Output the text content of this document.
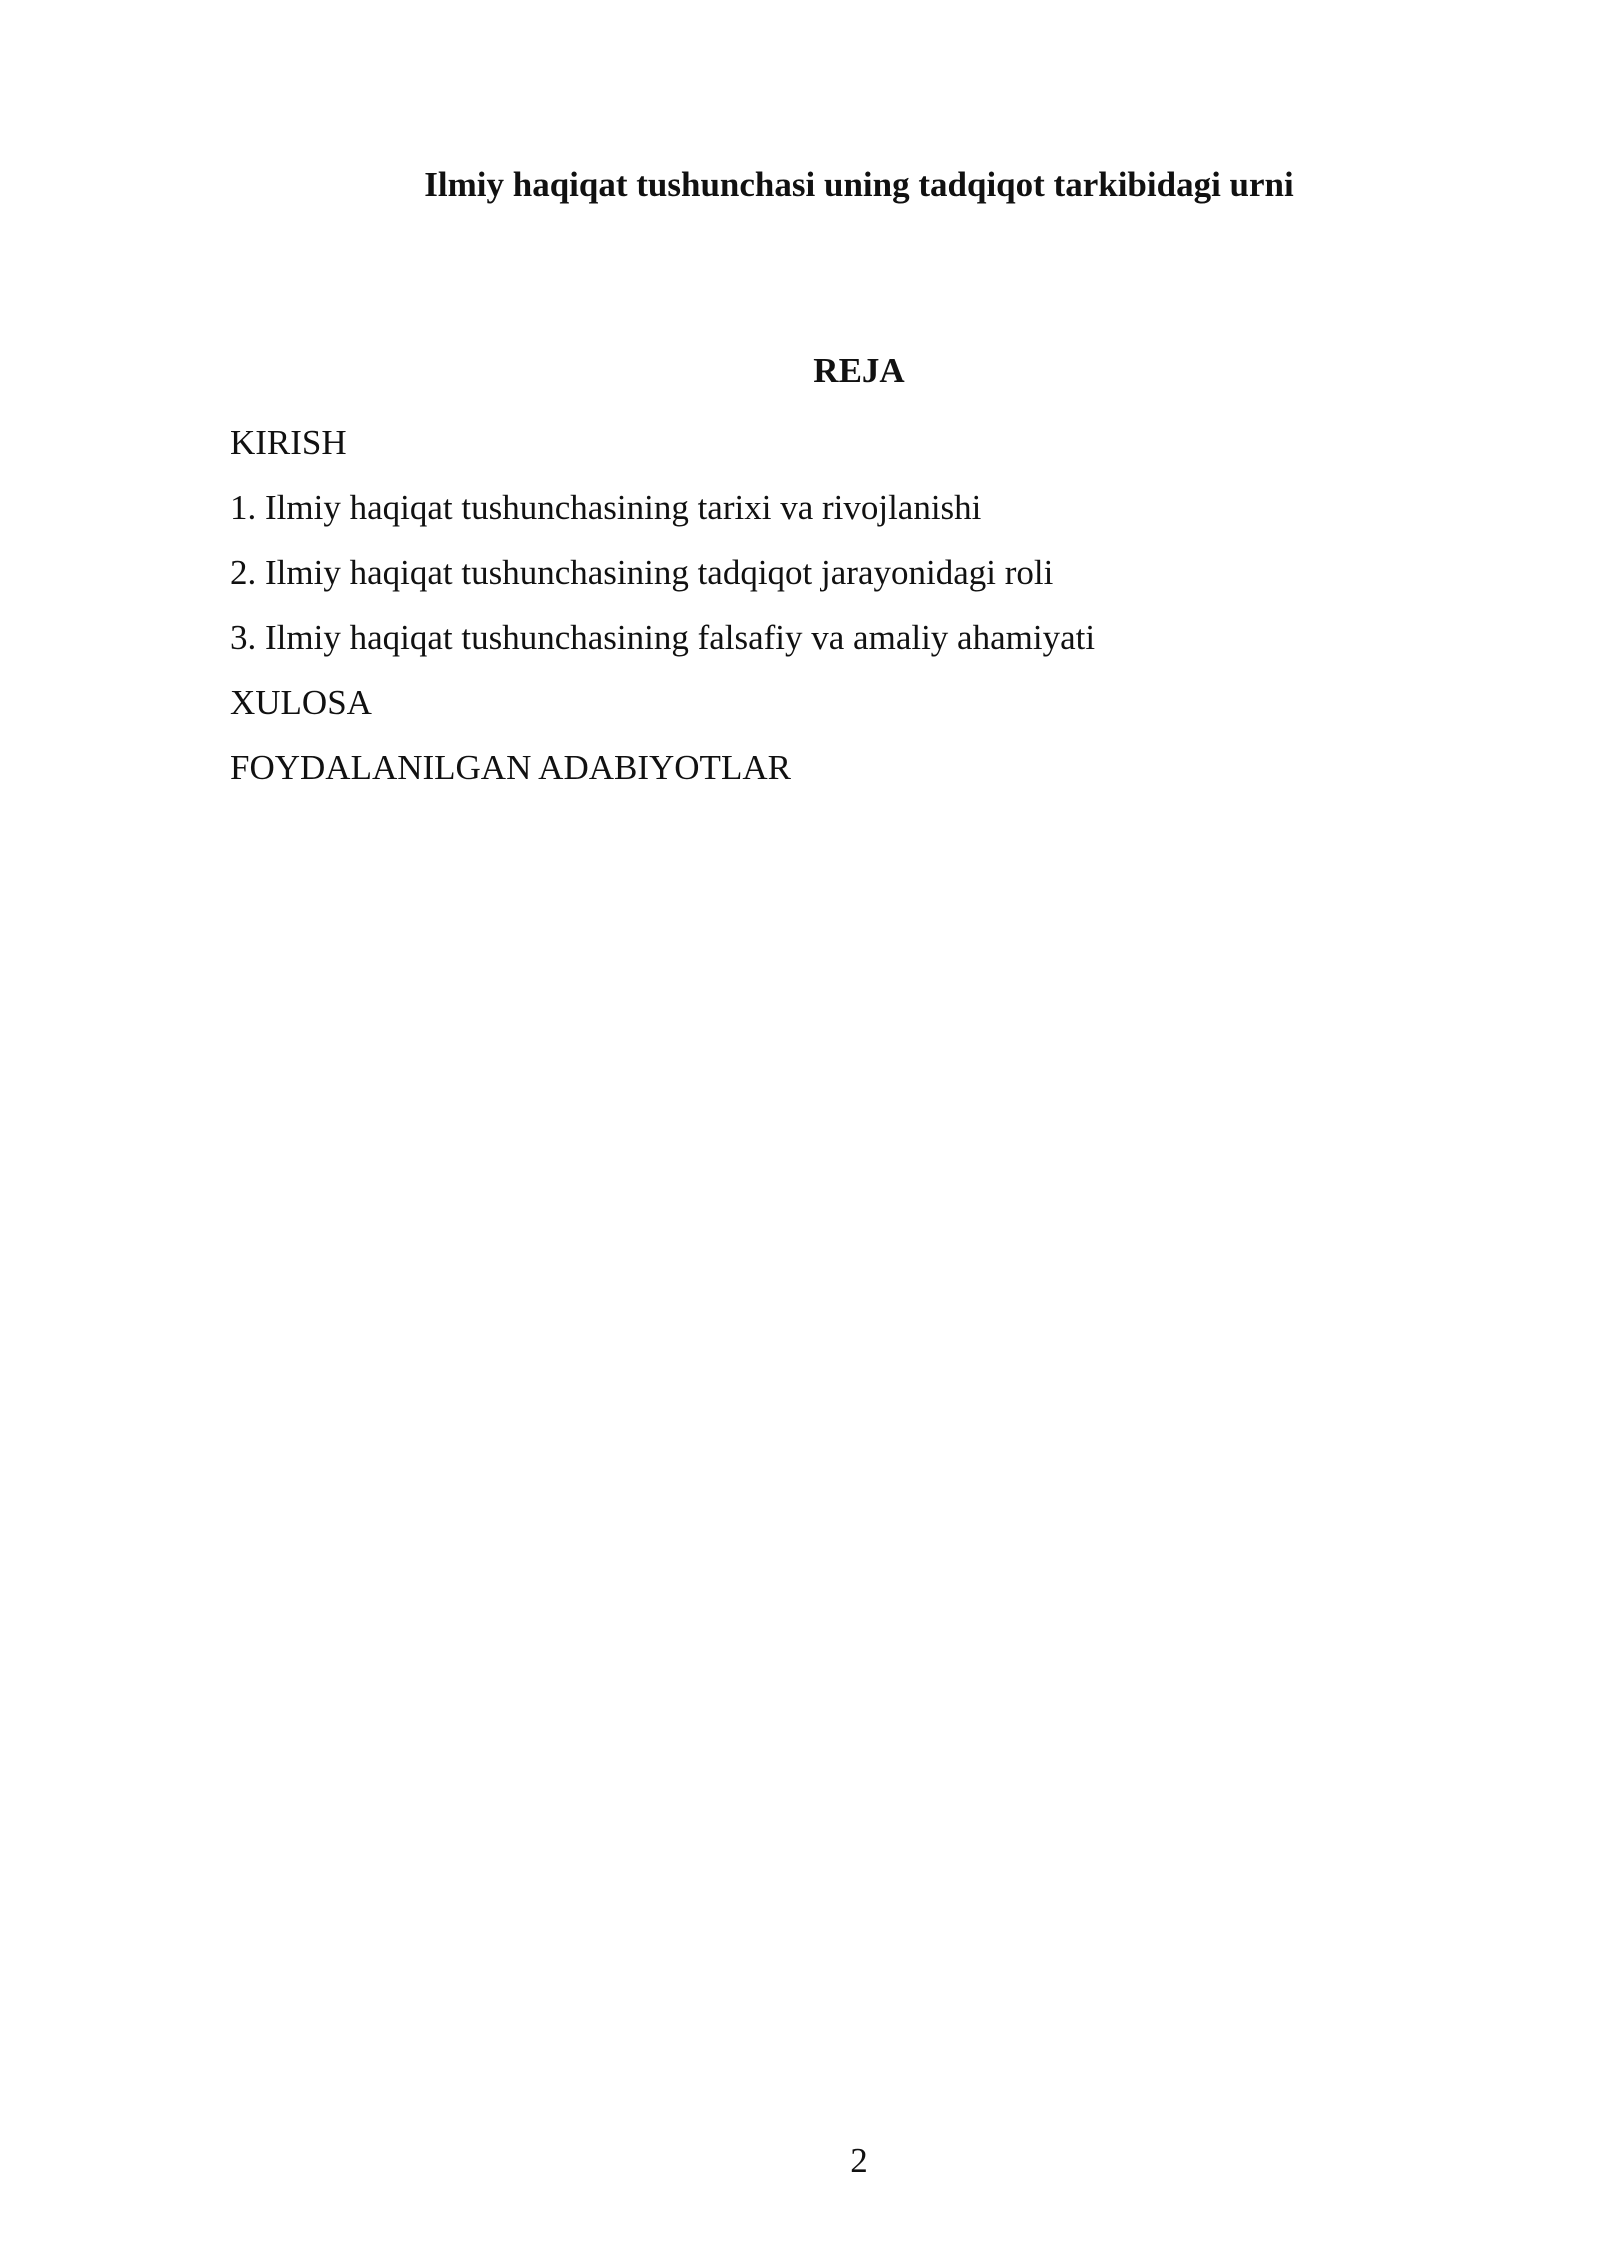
Ilmiy haqiqat tushunchasi uning tadqiqot tarkibidagi urni
REJA
KIRISH
1. Ilmiy haqiqat tushunchasining tarixi va rivojlanishi
2. Ilmiy haqiqat tushunchasining tadqiqot jarayonidagi roli
3. Ilmiy haqiqat tushunchasining falsafiy va amaliy ahamiyati
XULOSA
FOYDALANILGAN ADABIYOTLAR
2
